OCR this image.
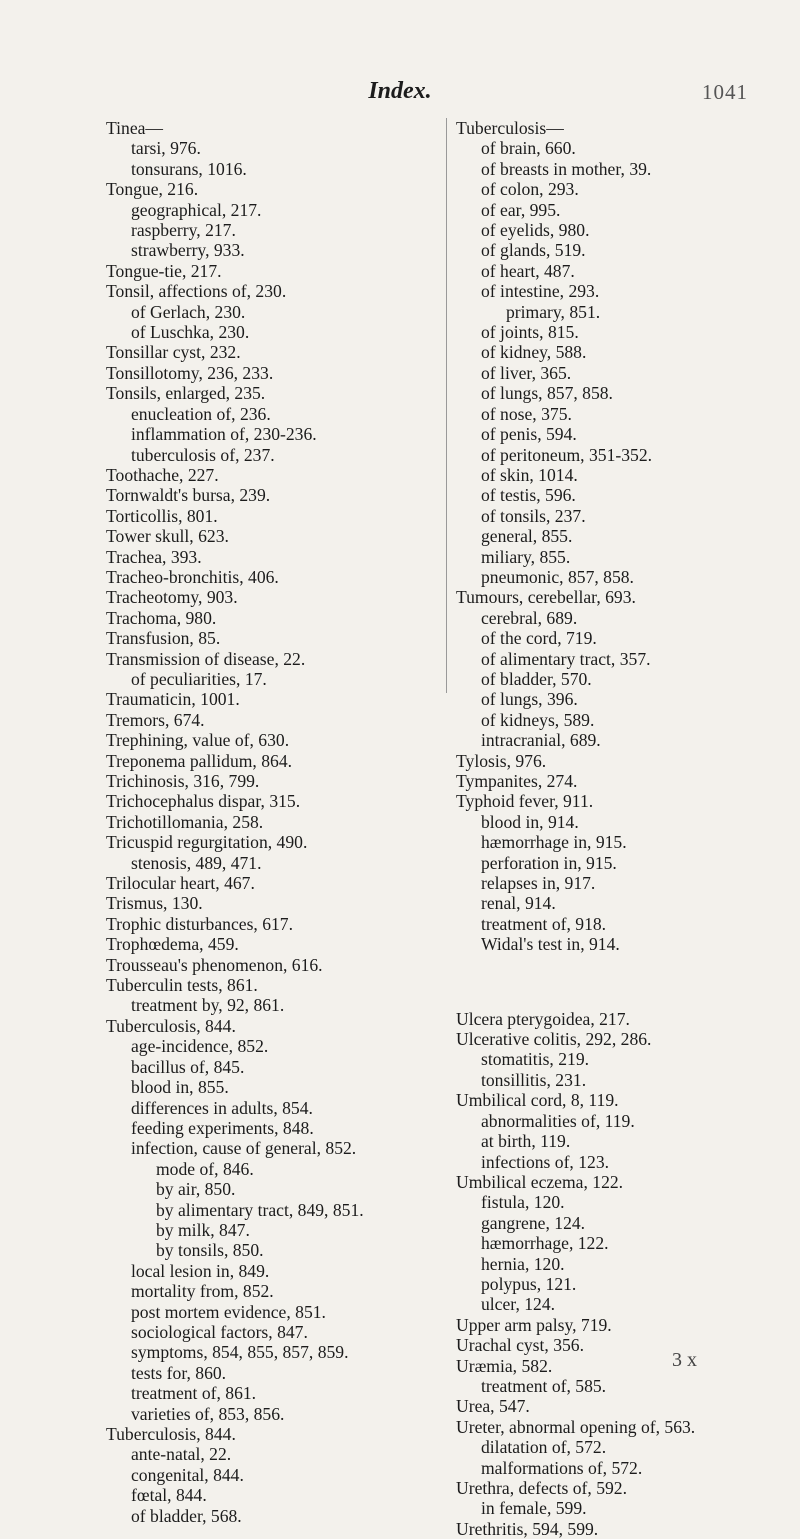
Index.	1041
Tinea—
tarsi, 976.
tonsurans, 1016.
Tongue, 216.
geographical, 217.
raspberry, 217.
strawberry, 933.
Tongue-tie, 217.
Tonsil, affections of, 230.
of Gerlach, 230.
of Luschka, 230.
Tonsillar cyst, 232.
Tonsillotomy, 236, 233.
Tonsils, enlarged, 235.
enucleation of, 236.
inflammation of, 230-236.
tuberculosis of, 237.
Toothache, 227.
Tornwaldt's bursa, 239.
Torticollis, 801.
Tower skull, 623.
Trachea, 393.
Tracheo-bronchitis, 406.
Tracheotomy, 903.
Trachoma, 980.
Transfusion, 85.
Transmission of disease, 22.
of peculiarities, 17.
Traumaticin, 1001.
Tremors, 674.
Trephining, value of, 630.
Treponema pallidum, 864.
Trichinosis, 316, 799.
Trichocephalus dispar, 315.
Trichotillomania, 258.
Tricuspid regurgitation, 490.
stenosis, 489, 471.
Trilocular heart, 467.
Trismus, 130.
Trophic disturbances, 617.
Trophœdema, 459.
Trousseau's phenomenon, 616.
Tuberculin tests, 861.
treatment by, 92, 861.
Tuberculosis, 844.
age-incidence, 852.
bacillus of, 845.
blood in, 855.
differences in adults, 854.
feeding experiments, 848.
infection, cause of general, 852.
mode of, 846.
by air, 850.
by alimentary tract, 849, 851.
by milk, 847.
by tonsils, 850.
local lesion in, 849.
mortality from, 852.
post mortem evidence, 851.
sociological factors, 847.
symptoms, 854, 855, 857, 859.
tests for, 860.
treatment of, 861.
varieties of, 853, 856.
Tuberculosis, 844.
ante-natal, 22.
congenital, 844.
fœtal, 844.
of bladder, 568.
Tuberculosis—
of brain, 660.
of breasts in mother, 39.
of colon, 293.
of ear, 995.
of eyelids, 980.
of glands, 519.
of heart, 487.
of intestine, 293.
primary, 851.
of joints, 815.
of kidney, 588.
of liver, 365.
of lungs, 857, 858.
of nose, 375.
of penis, 594.
of peritoneum, 351-352.
of skin, 1014.
of testis, 596.
of tonsils, 237.
general, 855.
miliary, 855.
pneumonic, 857, 858.
Tumours, cerebellar, 693.
cerebral, 689.
of the cord, 719.
of alimentary tract, 357.
of bladder, 570.
of lungs, 396.
of kidneys, 589.
intracranial, 689.
Tylosis, 976.
Tympanites, 274.
Typhoid fever, 911.
blood in, 914.
hæmorrhage in, 915.
perforation in, 915.
relapses in, 917.
renal, 914.
treatment of, 918.
Widal's test in, 914.
Ulcera pterygoidea, 217.
Ulcerative colitis, 292, 286.
stomatitis, 219.
tonsillitis, 231.
Umbilical cord, 8, 119.
abnormalities of, 119.
at birth, 119.
infections of, 123.
Umbilical eczema, 122.
fistula, 120.
gangrene, 124.
hæmorrhage, 122.
hernia, 120.
polypus, 121.
ulcer, 124.
Upper arm palsy, 719.
Urachal cyst, 356.
Uræmia, 582.
treatment of, 585.
Urea, 547.
Ureter, abnormal opening of, 563.
dilatation of, 572.
malformations of, 572.
Urethra, defects of, 592.
in female, 599.
Urethritis, 594, 599.
3 x
